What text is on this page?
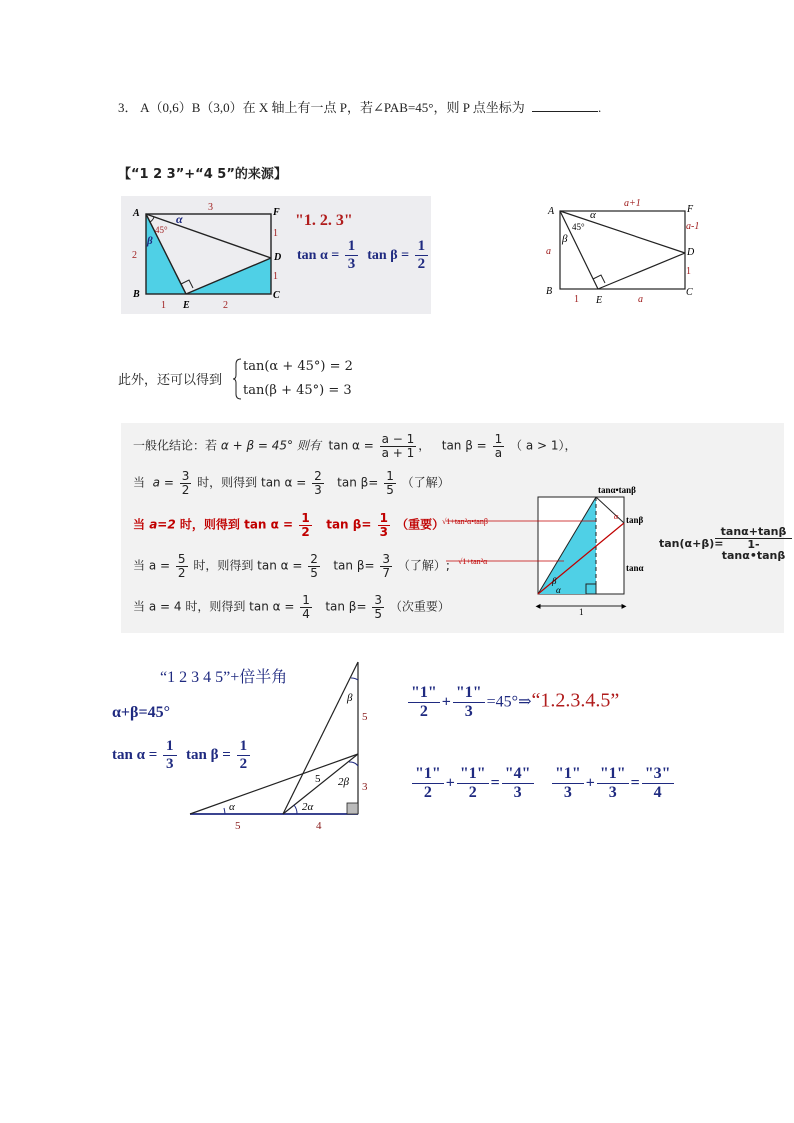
3． A（0,6）B（3,0）在 X 轴上有一点 P，若∠PAB=45°，则 P 点坐标为	.
【“1 2 3”+“4 5”的来源】
A
B	C
D
E
F
3
2
1
1
1	2
α
β
45°
"1. 2. 3"
$\tan \alpha = \frac{1}{3}$ $\tan \beta = \frac{1}{2}$
A
B	C
D
E
F
a+1
a
a-1
1
1	a
α
β
45°
此外，还可以得到
tan(α + 45°) = 2
tan(β + 45°) = 3
一般化结论：若 α + β = 45° 则有 $\tan \alpha = \frac{a - 1}{a + 1}$ ，   $\tan \beta = \frac{1}{a}$ （ a > 1），
当 $a = \frac{3}{2}$ 时，则得到 $\tan \alpha = \frac{2}{3}$ $\tan \beta= \frac{1}{5}$ （了解）
当 a=2 时，则得到 $\tan \alpha = \frac{1}{2}$ $\tan \beta= \frac{1}{3}$ （重要）
当 $a = \frac{5}{2}$ 时，则得到 $\tan \alpha = \frac{2}{5}$ $\tan \beta= \frac{3}{7}$ （了解）;
当 a = 4 时，则得到 $\tan \alpha = \frac{1}{4}$ $\tan \beta= \frac{3}{5}$ （次重要）	◂	▸
1
tanα•tanβ
tanβ
tanα
√1+tan²α•tanβ
√1+tan²α
β
α
α
tan(α+β)=
$\frac{\tan\alpha+\tan\beta}{1-\tan\alpha•\tan\beta}$
“1 2 3 4 5”+倍半角
α+β=45°
$\tan \alpha = \frac{1}{3}$ $\tan \beta = \frac{1}{2}$
β
5
5 2β 3
α	2α
5	4
$\frac{"1"}{2} + \frac{"1"}{3}$ =45°⇒“1.2.3.4.5”
$\frac{"1"}{2} + \frac{"1"}{2} = \frac{"4"}{3} \frac{"1"}{3} + \frac{"1"}{3} = \frac{"3"}{4}$
